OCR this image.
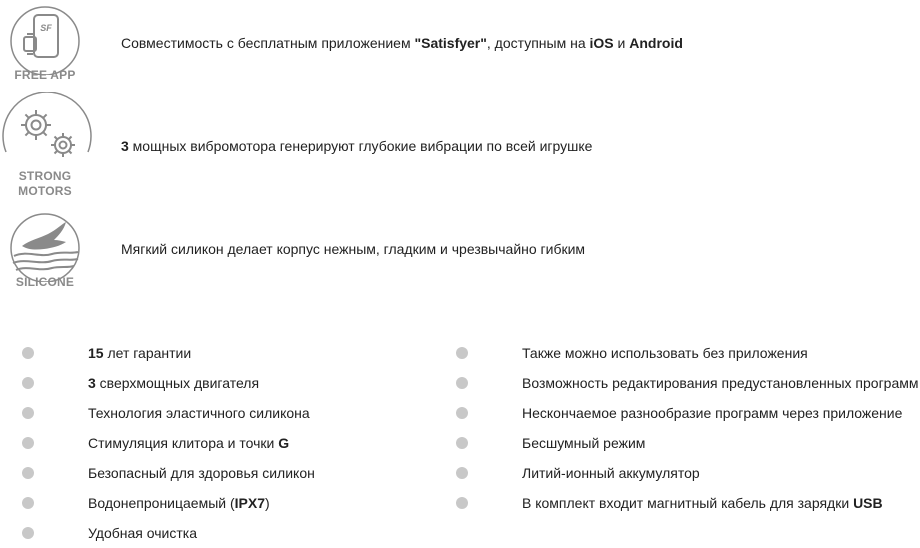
SF
FREE APP
Совместимость с бесплатным приложением "Satisfyer", доступным на iOS и Android
STRONG
MOTORS
3 мощных вибромотора генерируют глубокие вибрации по всей игрушке
SILICONE
Мягкий силикон делает корпус нежным, гладким и чрезвычайно гибким
15 лет гарантии
3 сверхмощных двигателя
Технология эластичного силикона
Стимуляция клитора и точки G
Безопасный для здоровья силикон
Водонепроницаемый (IPX7)
Удобная очистка
Также можно использовать без приложения
Возможность редактирования предустановленных программ
Нескончаемое разнообразие программ через приложение
Бесшумный режим
Литий-ионный аккумулятор
В комплект входит магнитный кабель для зарядки USB
